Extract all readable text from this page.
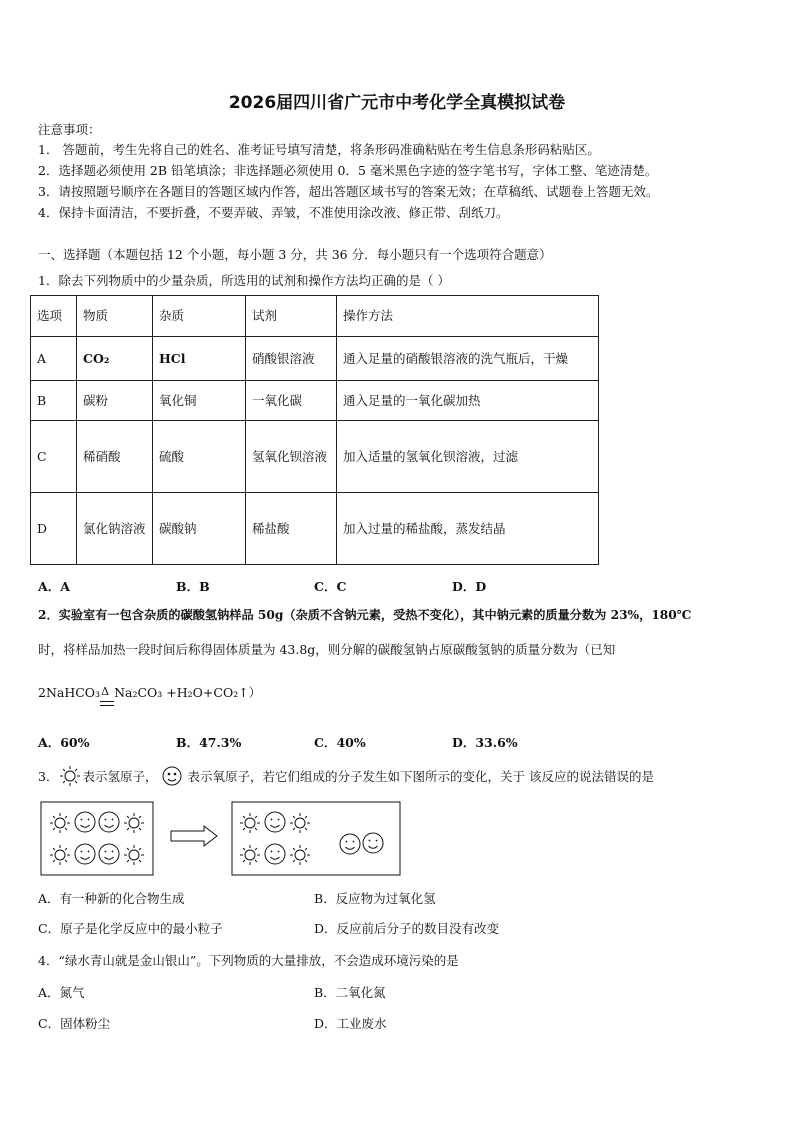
2026届四川省广元市中考化学全真模拟试卷
注意事项：
1． 答题前，考生先将自己的姓名、准考证号填写清楚，将条形码准确粘贴在考生信息条形码粘贴区。
2．选择题必须使用 2B 铅笔填涂；非选择题必须使用 0．5 毫米黑色字迹的签字笔书写，字体工整、笔迹清楚。
3．请按照题号顺序在各题目的答题区域内作答，超出答题区域书写的答案无效；在草稿纸、试题卷上答题无效。
4．保持卡面清洁，不要折叠，不要弄破、弄皱，不准使用涂改液、修正带、刮纸刀。
一、选择题（本题包括 12 个小题，每小题 3 分，共 36 分．每小题只有一个选项符合题意）
1．除去下列物质中的少量杂质，所选用的试剂和操作方法均正确的是（ ）
选项	物质	杂质	试剂	操作方法
A	CO₂	HCl	硝酸银溶液	通入足量的硝酸银溶液的洗气瓶后，干燥
B	碳粉	氧化铜	一氧化碳	通入足量的一氧化碳加热
C	稀硝酸	硫酸	氢氧化钡溶液	加入适量的氢氧化钡溶液，过滤
D	氯化钠溶液	碳酸钠	稀盐酸	加入过量的稀盐酸，蒸发结晶
A．A	B．B	C．C	D．D
2．实验室有一包含杂质的碳酸氢钠样品 50g（杂质不含钠元素，受热不变化），其中钠元素的质量分数为 23%，180℃
时，将样品加热一段时间后称得固体质量为 43.8g，则分解的碳酸氢钠占原碳酸氢钠的质量分数为（已知
2NaHCO₃ Δ Na₂CO₃ +H₂O+CO₂↑）
A．60%	B．47.3%	C．40%	D．33.6%
3． 表示氢原子， 表示氧原子，若它们组成的分子发生如下图所示的变化，关于 该反应的说法错误的是
A．有一种新的化合物生成	B．反应物为过氧化氢
C．原子是化学反应中的最小粒子	D．反应前后分子的数目没有改变
4．“绿水青山就是金山银山”。下列物质的大量排放，不会造成环境污染的是
A．氮气	B．二氧化氮
C．固体粉尘	D．工业废水
